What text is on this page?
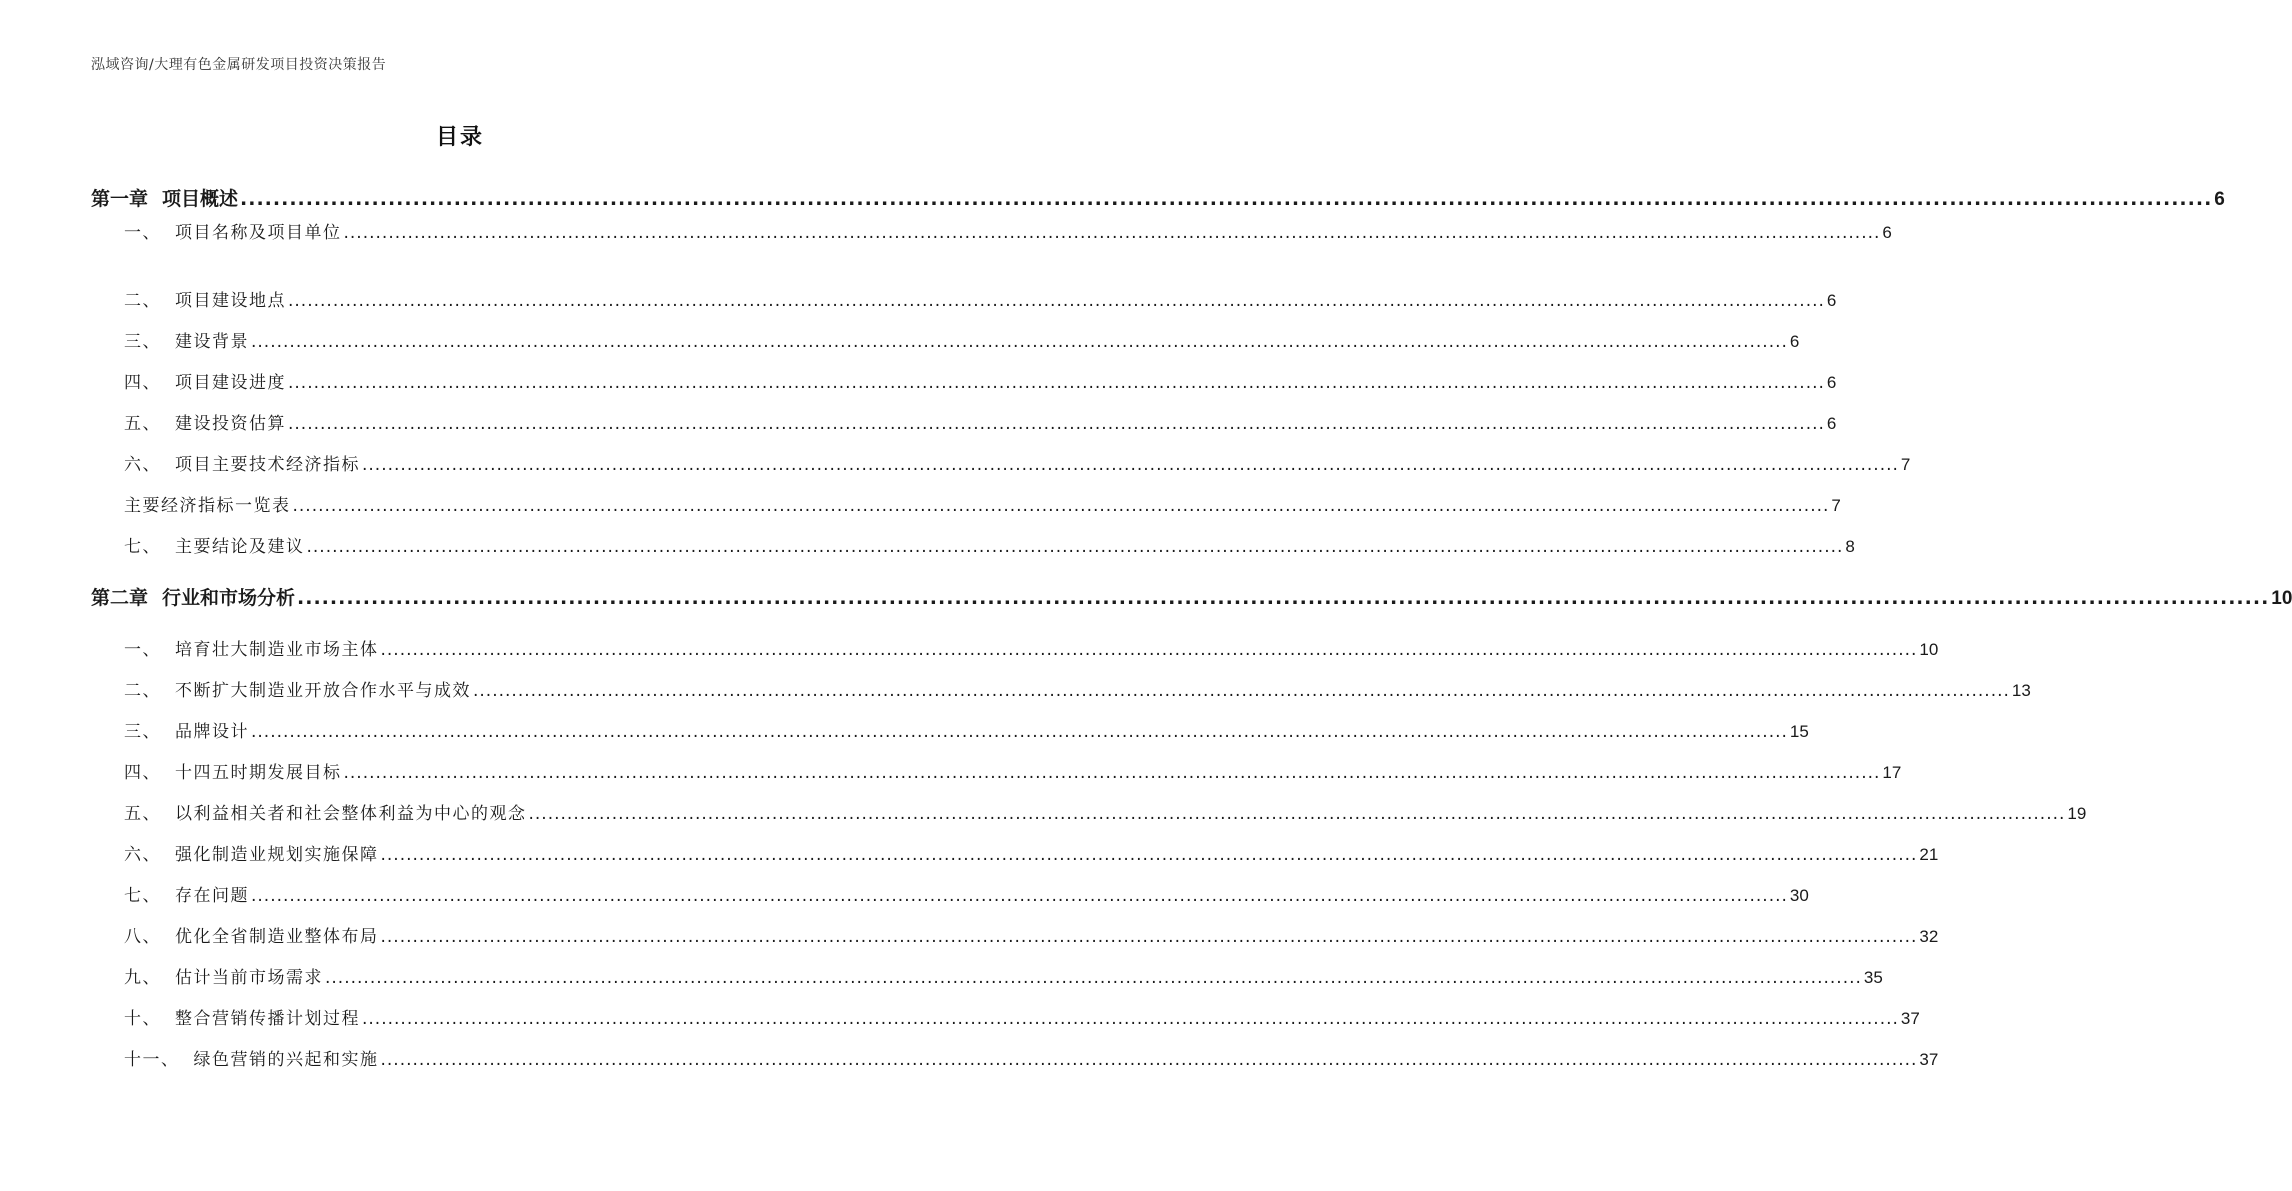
泓域咨询/大理有色金属研发项目投资决策报告
目录
第一章 项目概述 ................................................................................................................................................................................................................................................ 6
一、 项目名称及项目单位 ................................................................................................................................................................................................................................................ 6
二、 项目建设地点 ................................................................................................................................................................................................................................................ 6
三、 建设背景 ................................................................................................................................................................................................................................................ 6
四、 项目建设进度 ................................................................................................................................................................................................................................................ 6
五、 建设投资估算 ................................................................................................................................................................................................................................................ 6
六、 项目主要技术经济指标 ................................................................................................................................................................................................................................................ 7
主要经济指标一览表 ................................................................................................................................................................................................................................................ 7
七、 主要结论及建议 ................................................................................................................................................................................................................................................ 8
第二章 行业和市场分析 ................................................................................................................................................................................................................................................ 10
一、 培育壮大制造业市场主体 ................................................................................................................................................................................................................................................ 10
二、 不断扩大制造业开放合作水平与成效 ................................................................................................................................................................................................................................................ 13
三、 品牌设计 ................................................................................................................................................................................................................................................ 15
四、 十四五时期发展目标 ................................................................................................................................................................................................................................................ 17
五、 以利益相关者和社会整体利益为中心的观念 ................................................................................................................................................................................................................................................ 19
六、 强化制造业规划实施保障 ................................................................................................................................................................................................................................................ 21
七、 存在问题 ................................................................................................................................................................................................................................................ 30
八、 优化全省制造业整体布局 ................................................................................................................................................................................................................................................ 32
九、 估计当前市场需求 ................................................................................................................................................................................................................................................ 35
十、 整合营销传播计划过程 ................................................................................................................................................................................................................................................ 37
十一、 绿色营销的兴起和实施 ................................................................................................................................................................................................................................................ 37
